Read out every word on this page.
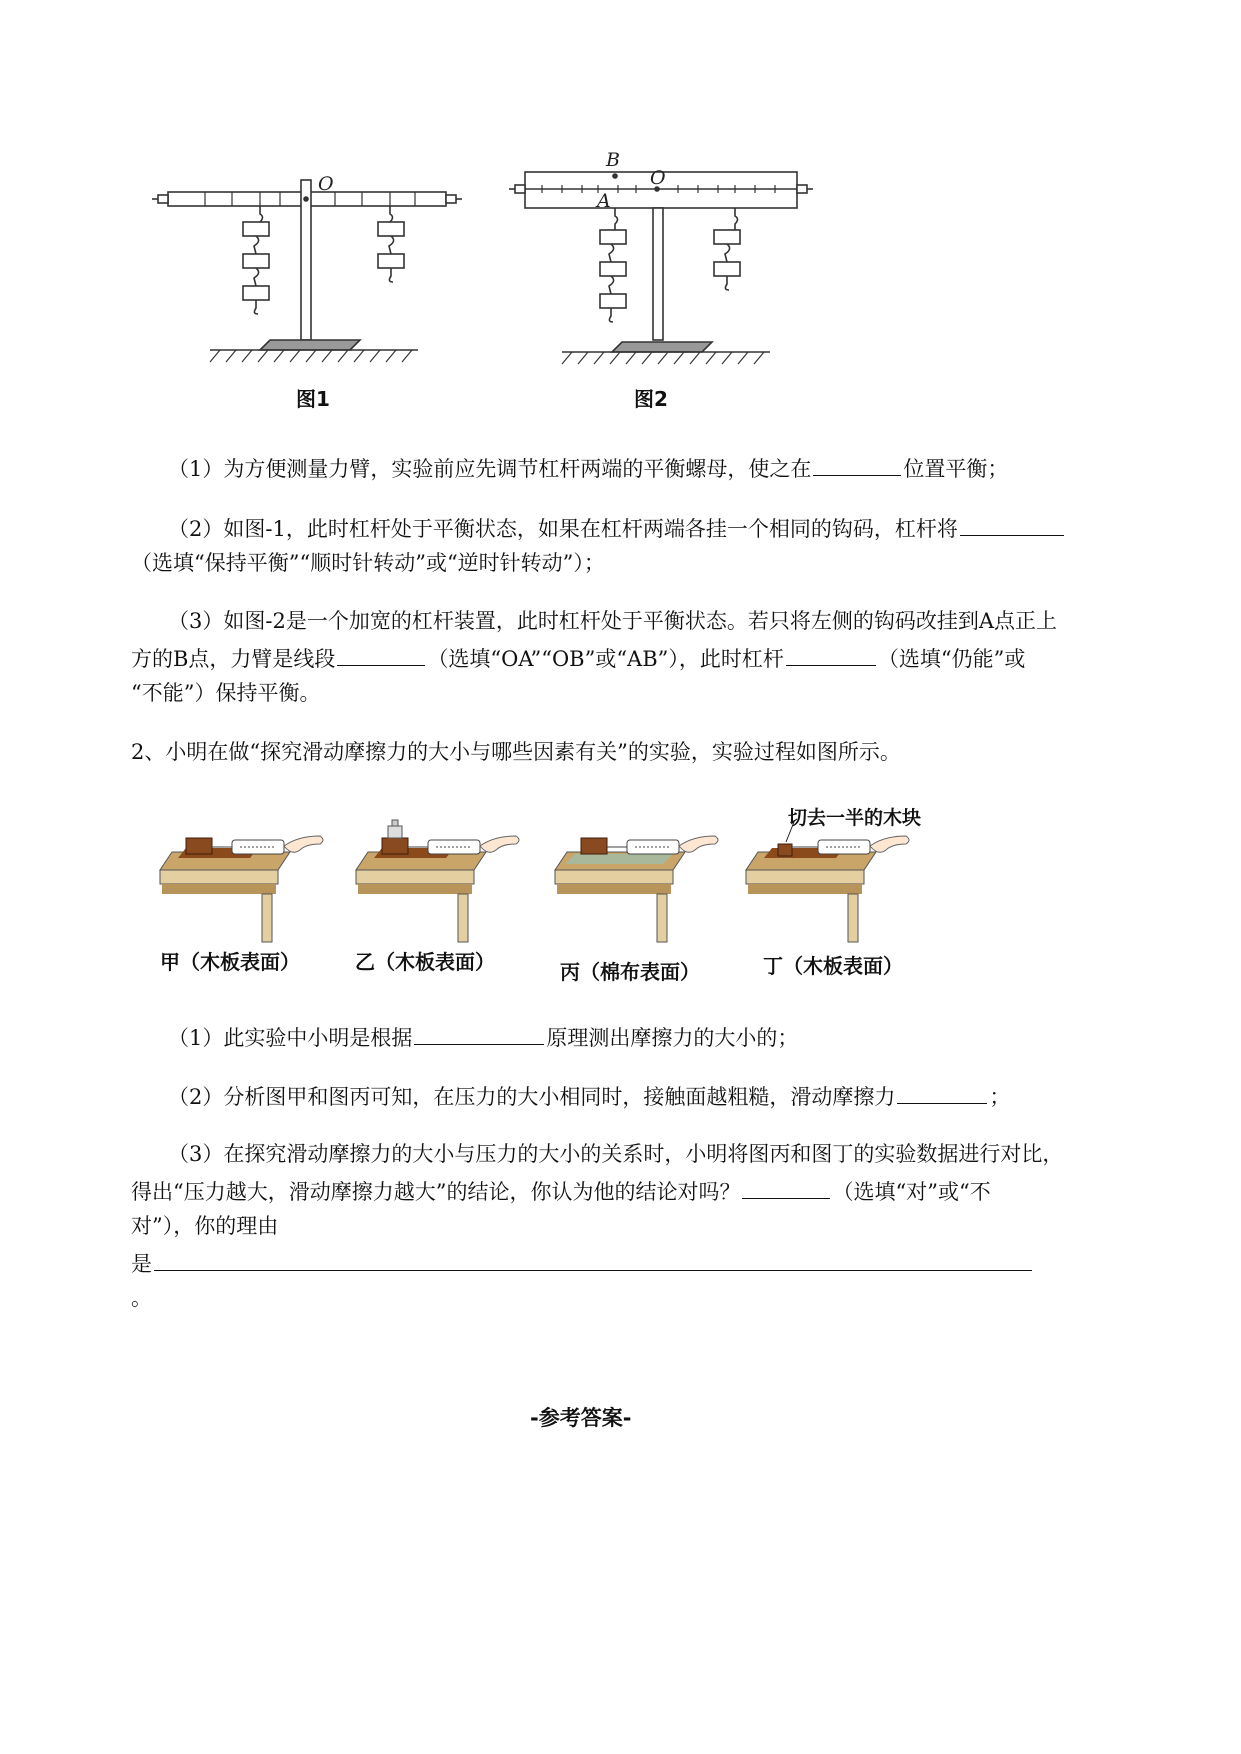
O	O
B
A
图1	图2
（1）为方便测量力臂，实验前应先调节杠杆两端的平衡螺母，使之在	位置平衡；
（2）如图-1，此时杠杆处于平衡状态，如果在杠杆两端各挂一个相同的钩码，杠杆将
（选填“保持平衡”“顺时针转动”或“逆时针转动”）；
（3）如图-2是一个加宽的杠杆装置，此时杠杆处于平衡状态。若只将左侧的钩码改挂到A点正上
方的B点，力臂是线段	（选填“OA”“OB”或“AB”），此时杠杆	（选填“仍能”或
“不能”）保持平衡。
2、小明在做“探究滑动摩擦力的大小与哪些因素有关”的实验，实验过程如图所示。
切去一半的木块
甲（木板表面）	乙（木板表面）	丙（棉布表面）	丁（木板表面）
（1）此实验中小明是根据	原理测出摩擦力的大小的；
（2）分析图甲和图丙可知，在压力的大小相同时，接触面越粗糙，滑动摩擦力	；
（3）在探究滑动摩擦力的大小与压力的大小的关系时，小明将图丙和图丁的实验数据进行对比，
得出“压力越大，滑动摩擦力越大”的结论，你认为他的结论对吗？	（选填“对”或“不
对”），你的理由
是
。
-参考答案-
